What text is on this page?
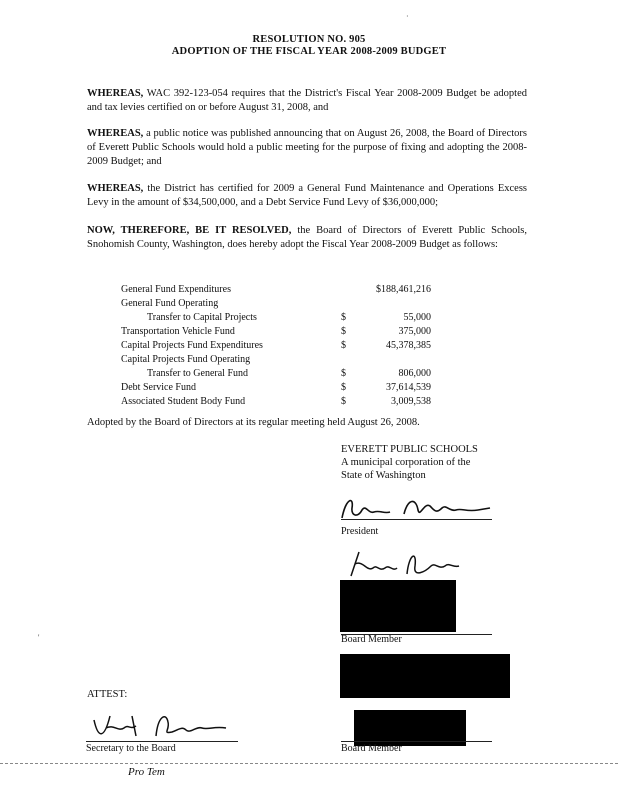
·
RESOLUTION NO. 905
ADOPTION OF THE FISCAL YEAR 2008-2009 BUDGET
WHEREAS, WAC 392-123-054 requires that the District's Fiscal Year 2008-2009 Budget be adopted and tax levies certified on or before August 31, 2008, and
WHEREAS, a public notice was published announcing that on August 26, 2008, the Board of Directors of Everett Public Schools would hold a public meeting for the purpose of fixing and adopting the 2008-2009 Budget; and
WHEREAS, the District has certified for 2009 a General Fund Maintenance and Operations Excess Levy in the amount of $34,500,000, and a Debt Service Fund Levy of $36,000,000;
NOW, THEREFORE, BE IT RESOLVED, the Board of Directors of Everett Public Schools, Snohomish County, Washington, does hereby adopt the Fiscal Year 2008-2009 Budget as follows:
General Fund Expenditures	$188,461,216
General Fund Operating
Transfer to Capital Projects	$	55,000
Transportation Vehicle Fund	$	375,000
Capital Projects Fund Expenditures	$	45,378,385
Capital Projects Fund Operating
Transfer to General Fund	$	806,000
Debt Service Fund	$	37,614,539
Associated Student Body Fund	$	3,009,538
Adopted by the Board of Directors at its regular meeting held August 26, 2008.
EVERETT PUBLIC SCHOOLS
A municipal corporation of the
State of Washington
President
Board Member
ATTEST:
Secretary to the Board
Pro Tem
Board Member
'
